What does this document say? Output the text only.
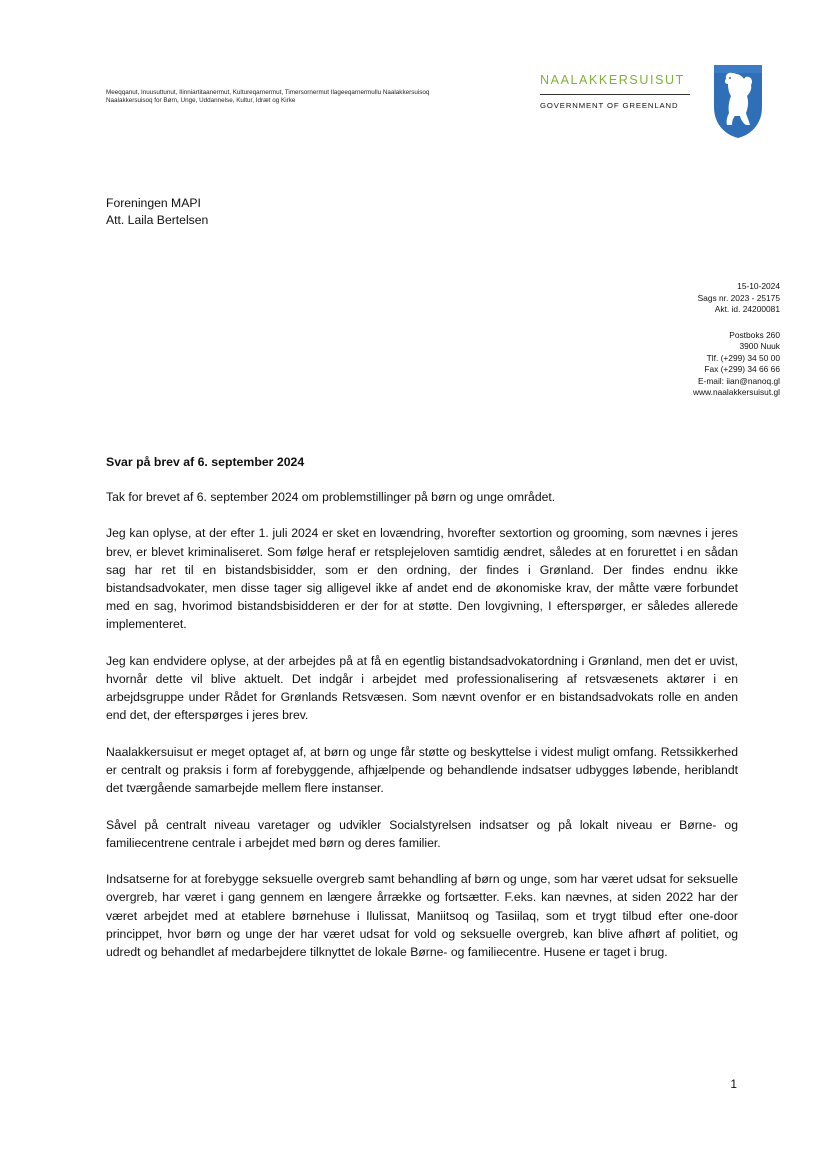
Meeqqanut, Inuusuttunut, Ilinniartitaanermut, Kultureqarnermut, Timersornermut Ilageeqarnermullu Naalakkersuisoq
Naalakkersuisoq for Børn, Unge, Uddannelse, Kultur, Idræt og Kirke
NAALAKKERSUISUT
GOVERNMENT OF GREENLAND
Foreningen MAPI
Att. Laila Bertelsen
15-10-2024
Sags nr. 2023 - 25175
Akt. id. 24200081
Postboks 260
3900 Nuuk
Tlf. (+299) 34 50 00
Fax (+299) 34 66 66
E-mail: iian@nanoq.gl
www.naalakkersuisut.gl
Svar på brev af 6. september 2024

Tak for brevet af 6. september 2024 om problemstillinger på børn og unge området.

Jeg kan oplyse, at der efter 1. juli 2024 er sket en lovændring, hvorefter sextortion og grooming, som nævnes i jeres brev, er blevet kriminaliseret. Som følge heraf er retsplejeloven samtidig ændret, således at en forurettet i en sådan sag har ret til en bistandsbisidder, som er den ordning, der findes i Grønland. Der findes endnu ikke bistandsadvokater, men disse tager sig alligevel ikke af andet end de økonomiske krav, der måtte være forbundet med en sag, hvorimod bistandsbisidderen er der for at støtte. Den lovgivning, I efterspørger, er således allerede implementeret.

Jeg kan endvidere oplyse, at der arbejdes på at få en egentlig bistandsadvokatordning i Grønland, men det er uvist, hvornår dette vil blive aktuelt. Det indgår i arbejdet med professionalisering af retsvæsenets aktører i en arbejdsgruppe under Rådet for Grønlands Retsvæsen. Som nævnt ovenfor er en bistandsadvokats rolle en anden end det, der efterspørges i jeres brev.

Naalakkersuisut er meget optaget af, at børn og unge får støtte og beskyttelse i videst muligt omfang. Retssikkerhed er centralt og praksis i form af forebyggende, afhjælpende og behandlende indsatser udbygges løbende, heriblandt det tværgående samarbejde mellem flere instanser.

Såvel på centralt niveau varetager og udvikler Socialstyrelsen indsatser og på lokalt niveau er Børne- og familiecentrene centrale i arbejdet med børn og deres familier.

Indsatserne for at forebygge seksuelle overgreb samt behandling af børn og unge, som har været udsat for seksuelle overgreb, har været i gang gennem en længere årrække og fortsætter. F.eks. kan nævnes, at siden 2022 har der været arbejdet med at etablere børnehuse i Ilulissat, Maniitsoq og Tasiilaq, som et trygt tilbud efter one-door princippet, hvor børn og unge der har været udsat for vold og seksuelle overgreb, kan blive afhørt af politiet, og udredt og behandlet af medarbejdere tilknyttet de lokale Børne- og familiecentre. Husene er taget i brug.

1
